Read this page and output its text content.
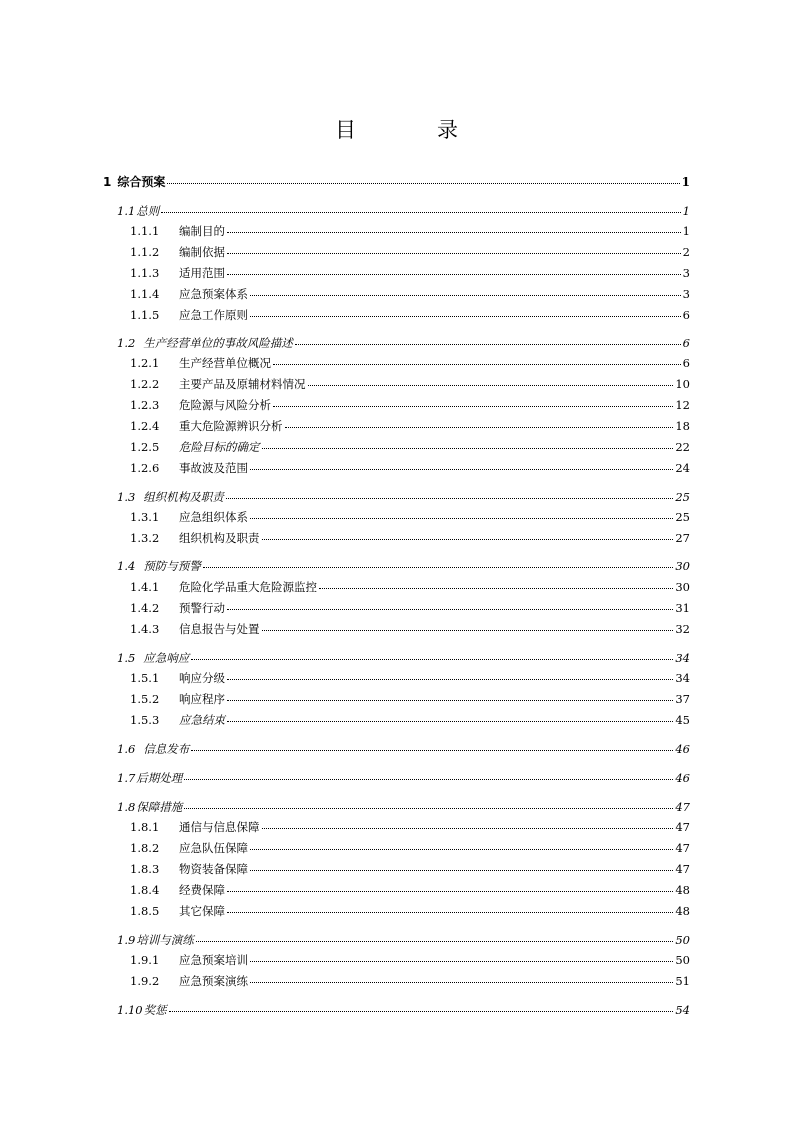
目　录
1 综合预案	1
1.1总则	1
1.1.1 编制目的	1
1.1.2 编制依据	2
1.1.3 适用范围	3
1.1.4 应急预案体系	3
1.1.5 应急工作原则	6
1.2 生产经营单位的事故风险描述	6
1.2.1 生产经营单位概况	6
1.2.2 主要产品及原辅材料情况	10
1.2.3 危险源与风险分析	12
1.2.4 重大危险源辨识分析	18
1.2.5 危险目标的确定	22
1.2.6 事故波及范围	24
1.3 组织机构及职责	25
1.3.1 应急组织体系	25
1.3.2 组织机构及职责	27
1.4 预防与预警	30
1.4.1 危险化学品重大危险源监控	30
1.4.2 预警行动	31
1.4.3 信息报告与处置	32
1.5 应急响应	34
1.5.1 响应分级	34
1.5.2 响应程序	37
1.5.3 应急结束	45
1.6 信息发布	46
1.7后期处理	46
1.8保障措施	47
1.8.1 通信与信息保障	47
1.8.2 应急队伍保障	47
1.8.3 物资装备保障	47
1.8.4 经费保障	48
1.8.5 其它保障	48
1.9培训与演练	50
1.9.1 应急预案培训	50
1.9.2 应急预案演练	51
1.10奖惩	54
